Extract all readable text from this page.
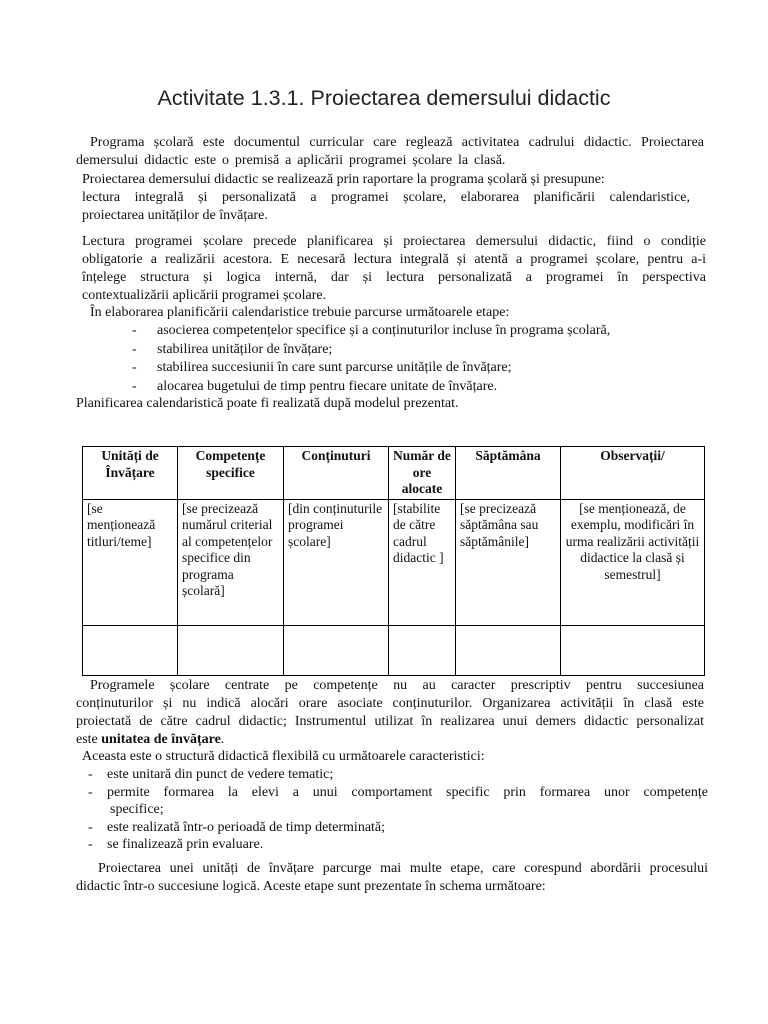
Activitate 1.3.1. Proiectarea demersului didactic

Programa școlară este documentul curricular care reglează activitatea cadrului didactic. Proiectarea

demersului didactic este o premisă a aplicării programei școlare la clasă.

Proiectarea demersului didactic se realizează prin raportare la programa școlară și presupune:

lectura integrală și personalizată a programei școlare, elaborarea planificării calendaristice,

proiectarea unităților de învățare.

Lectura programei școlare precede planificarea și proiectarea demersului didactic, fiind o condiție

obligatorie a realizării acestora. E necesară lectura integrală și atentă a programei școlare, pentru a-i

înțelege structura și logica internă, dar și lectura personalizată a programei în perspectiva

contextualizării aplicării programei școlare.

În elaborarea planificării calendaristice trebuie parcurse următoarele etape:

- asocierea competențelor specifice și a conținuturilor incluse în programa școlară,
- stabilirea unităților de învățare;
- stabilirea succesiunii în care sunt parcurse unitățile de învățare;
- alocarea bugetului de timp pentru fiecare unitate de învățare.

Planificarea calendaristică poate fi realizată după modelul prezentat.

Unități de Învățare	Competențe specifice	Conținuturi	Număr de ore alocate	Săptămâna	Observații/
[se menționează titluri/teme]	[se precizează numărul criterial al competențelor specifice din programa școlară]	[din conținuturile programei școlare]	[stabilite de către cadrul didactic ]	[se precizează săptămâna sau săptămânile]	[se menționează, de exemplu, modificări în urma realizării activității didactice la clasă și semestrul]

Programele școlare centrate pe competențe nu au caracter prescriptiv pentru succesiunea

conținuturilor și nu indică alocări orare asociate conținuturilor. Organizarea activității în clasă este

proiectată de către cadrul didactic; Instrumentul utilizat în realizarea unui demers didactic personalizat

este unitatea de învățare.

Aceasta este o structură didactică flexibilă cu următoarele caracteristici:

- este unitară din punct de vedere tematic;
- permite formarea la elevi a unui comportament specific prin formarea unor competențe
specifice;
- este realizată într-o perioadă de timp determinată;
- se finalizează prin evaluare.

Proiectarea unei unități de învățare parcurge mai multe etape, care corespund abordării procesului

didactic într-o succesiune logică. Aceste etape sunt prezentate în schema următoare:
